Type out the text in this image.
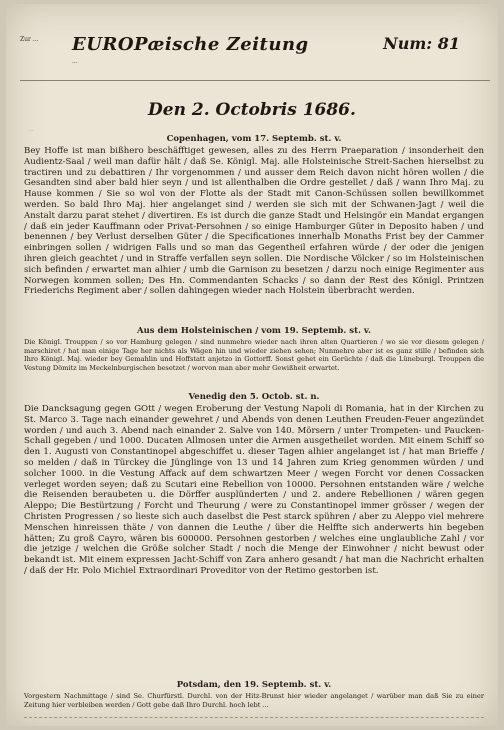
Zur ...	EUROPæische Zeitung	Num: 81
...
Den 2. Octobris 1686.
...

Copenhagen, vom 17. Septemb. st. v.

Bey Hoffe ist man bißhero beschäfftiget gewesen, alles zu des Herrn Praeparation / insonderheit den Audientz-Saal / weil man dafür hält / daß Se. Königl. Maj. alle Holsteinische Streit-Sachen hierselbst zu tractiren und zu debattiren / Ihr vorgenommen / und ausser dem Reich davon nicht hören wollen / die Gesandten sind aber bald hier seyn / und ist allenthalben die Ordre gestellet / daß / wann Ihro Maj. zu Hause kommen / Sie so wol von der Flotte als der Stadt mit Canon-Schüssen sollen bewillkommet werden. So bald Ihro Maj. hier angelanget sind / werden sie sich mit der Schwanen-Jagt / weil die Anstalt darzu parat stehet / divertiren. Es ist durch die ganze Stadt und Helsingör ein Mandat ergangen / daß ein jeder Kauffmann oder Privat-Persohnen / so einige Hamburger Güter in Deposito haben / und benennen / bey Verlust derselben Güter / die Specificationes innerhalb Monaths Frist bey der Cammer einbringen sollen / widrigen Falls und so man das Gegentheil erfahren würde / der oder die jenigen ihren gleich geachtet / und in Straffe verfallen seyn sollen. Die Nordische Völcker / so im Holsteinischen sich befinden / erwartet man alhier / umb die Garnison zu besetzen / darzu noch einige Regimenter aus Norwegen kommen sollen; Des Hn. Commendanten Schacks / so dann der Rest des Königl. Printzen Friederichs Regiment aber / sollen dahingegen wieder nach Holstein überbracht werden.

Aus dem Holsteinischen / vom 19. Septemb. st. v.

Die Königl. Trouppen / so vor Hamburg gelegen / sind nunmehro wieder nach ihren alten Quartieren / wo sie vor diesem gelegen / marschiret / hat man einige Tage her nichts als Wägen hin und wieder ziehen sehen; Nunmehro aber ist es ganz stille / befinden sich Ihro Königl. Maj. wieder bey Gemahlin und Hoffstatt anjetzo in Gottorff. Sonst gehet ein Gerüchte / daß die Lüneburgl. Trouppen die Vestung Dömitz im Meckelnburgischen besetzet / worvon man aber mehr Gewißheit erwartet.

Venedig den 5. Octob. st. n.

Die Dancksagung gegen GOtt / wegen Eroberung der Vestung Napoli di Romania, hat in der Kirchen zu St. Marco 3. Tage nach einander gewehret / und Abends von denen Leuthen Freuden-Feuer angezündet worden / und auch 3. Abend nach einander 2. Salve von 140. Mörsern / unter Trompeten- und Paucken-Schall gegeben / und 1000. Ducaten Allmosen unter die Armen ausgetheilet worden. Mit einem Schiff so den 1. Augusti von Constantinopel abgeschiffet u. dieser Tagen alhier angelanget ist / hat man Brieffe / so melden / daß in Türckey die Jünglinge von 13 und 14 Jahren zum Krieg genommen würden / und solcher 1000. in die Vestung Affack auf dem schwartzen Meer / wegen Forcht vor denen Cossacken verleget worden seyen; daß zu Scutari eine Rebellion von 10000. Persohnen entstanden wäre / welche die Reisenden beraubeten u. die Dörffer ausplünderten / und 2. andere Rebellionen / wären gegen Aleppo; Die Bestürtzung / Forcht und Theurung / were zu Constantinopel immer grösser / wegen der Christen Progressen / so lieste sich auch daselbst die Pest starck spühren / aber zu Aleppo viel mehrere Menschen hinreissen thäte / von dannen die Leuthe / über die Helffte sich anderwerts hin begeben hätten; Zu groß Cayro, wären bis 600000. Persohnen gestorben / welches eine unglaubliche Zahl / vor die jetzige / welchen die Größe solcher Stadt / noch die Menge der Einwohner / nicht bewust oder bekandt ist. Mit einem expressen Jacht-Schiff von Zara anhero gesandt / hat man die Nachricht erhalten / daß der Hr. Polo Michiel Extraordinari Proveditor von der Retimo gestorben ist.

Potsdam, den 19. Septemb. st. v.

Vorgestern Nachmittage / sind Se. Churfürstl. Durchl. von der Hitz-Brunst hier wieder angelanget / warüber man daß Sie zu einer Zeitung hier verbleiben werden / Gott gebe daß Ihro Durchl. hoch lebt ...
